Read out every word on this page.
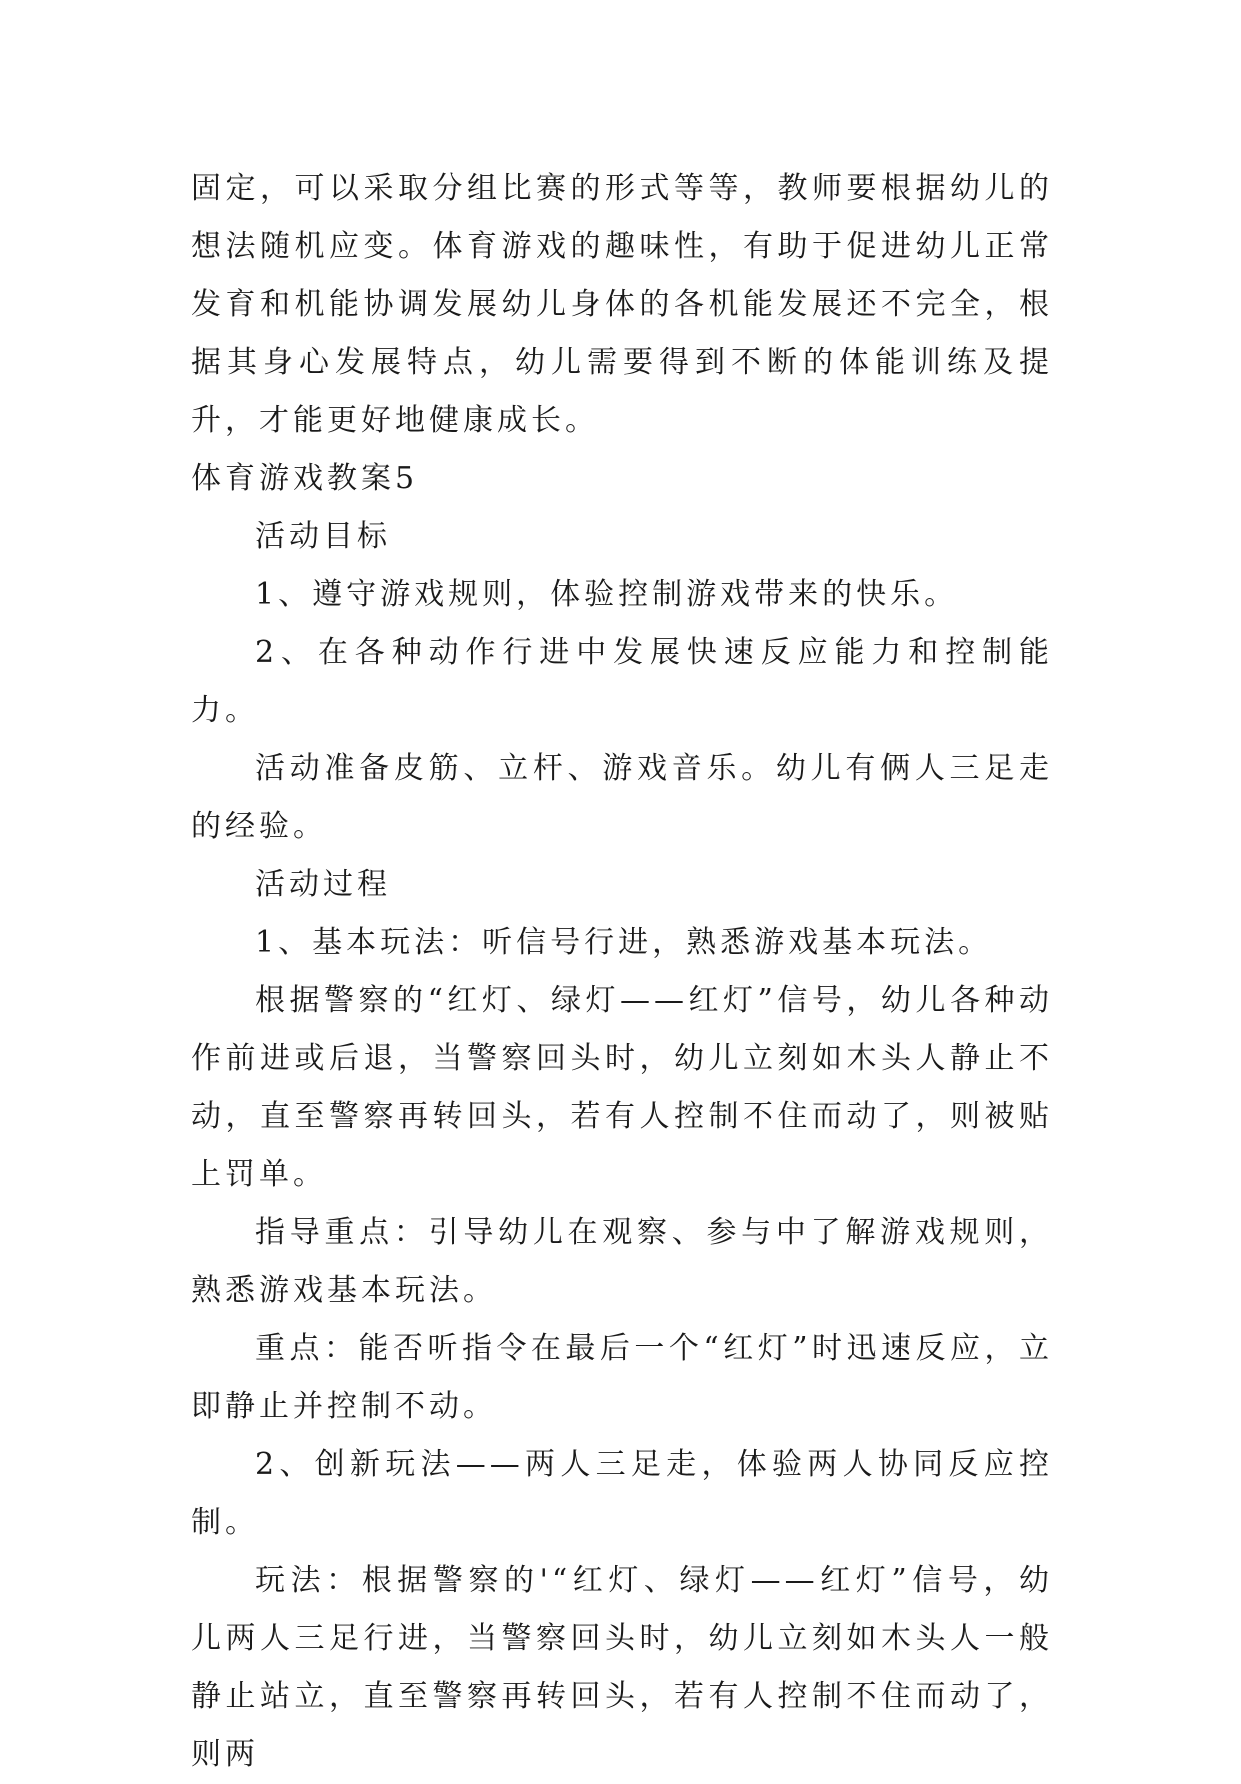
固定，可以采取分组比赛的形式等等，教师要根据幼儿的想法随机应变。体育游戏的趣味性，有助于促进幼儿正常发育和机能协调发展幼儿身体的各机能发展还不完全，根据其身心发展特点，幼儿需要得到不断的体能训练及提升，才能更好地健康成长。

体育游戏教案5

活动目标

1、遵守游戏规则，体验控制游戏带来的快乐。

2、在各种动作行进中发展快速反应能力和控制能力。

活动准备皮筋、立杆、游戏音乐。幼儿有俩人三足走的经验。

活动过程

1、基本玩法：听信号行进，熟悉游戏基本玩法。

根据警察的“红灯、绿灯——红灯”信号，幼儿各种动作前进或后退，当警察回头时，幼儿立刻如木头人静止不动，直至警察再转回头，若有人控制不住而动了，则被贴上罚单。

指导重点：引导幼儿在观察、参与中了解游戏规则，熟悉游戏基本玩法。

重点：能否听指令在最后一个“红灯”时迅速反应，立即静止并控制不动。

2、创新玩法——两人三足走，体验两人协同反应控制。

玩法：根据警察的'“红灯、绿灯——红灯”信号，幼儿两人三足行进，当警察回头时，幼儿立刻如木头人一般静止站立，直至警察再转回头，若有人控制不住而动了，则两
